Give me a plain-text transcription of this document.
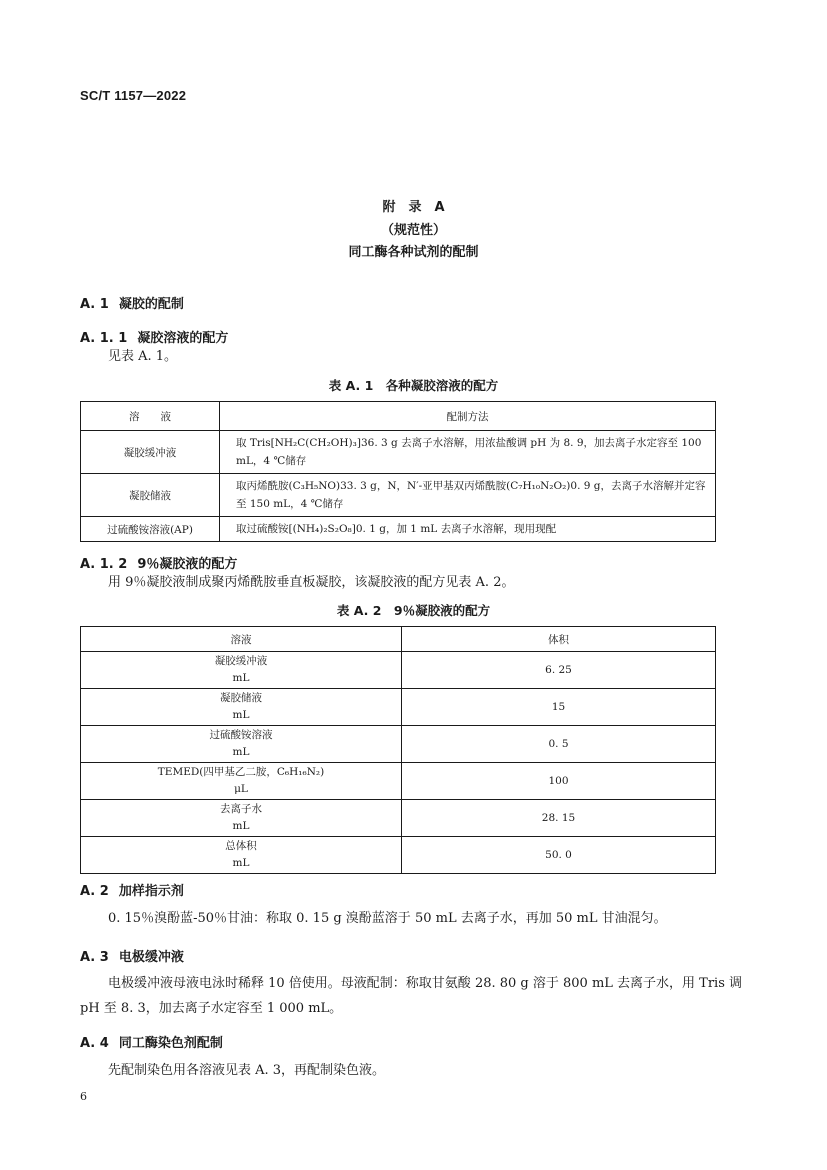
SC/T 1157—2022
附　录　A
（规范性）
同工酶各种试剂的配制
A. 1 凝胶的配制
A. 1. 1 凝胶溶液的配方
见表 A. 1。
表 A. 1　各种凝胶溶液的配方
溶　　液	配制方法
凝胶缓冲液	取 Tris[NH₂C(CH₂OH)₃]36. 3 g 去离子水溶解，用浓盐酸调 pH 为 8. 9，加去离子水定容至 100 mL，4 ℃储存
凝胶储液	取丙烯酰胺(C₃H₅NO)33. 3 g，N，N′-亚甲基双丙烯酰胺(C₇H₁₀N₂O₂)0. 9 g，去离子水溶解并定容至 150 mL，4 ℃储存
过硫酸铵溶液(AP)	取过硫酸铵[(NH₄)₂S₂O₈]0. 1 g，加 1 mL 去离子水溶解，现用现配
A. 1. 2 9％凝胶液的配方
用 9％凝胶液制成聚丙烯酰胺垂直板凝胶，该凝胶液的配方见表 A. 2。
表 A. 2　9％凝胶液的配方
溶液	体积

凝胶缓冲液
mL	6. 25

凝胶储液
mL	15

过硫酸铵溶液
mL	0. 5

TEMED(四甲基乙二胺，C₆H₁₆N₂)
μL	100

去离子水
mL	28. 15

总体积
mL	50. 0
A. 2 加样指示剂
0. 15％溴酚蓝-50％甘油：称取 0. 15 g 溴酚蓝溶于 50 mL 去离子水，再加 50 mL 甘油混匀。
A. 3 电极缓冲液
电极缓冲液母液电泳时稀释 10 倍使用。母液配制：称取甘氨酸 28. 80 g 溶于 800 mL 去离子水，用 Tris 调 pH 至 8. 3，加去离子水定容至 1 000 mL。
A. 4 同工酶染色剂配制
先配制染色用各溶液见表 A. 3，再配制染色液。
6
